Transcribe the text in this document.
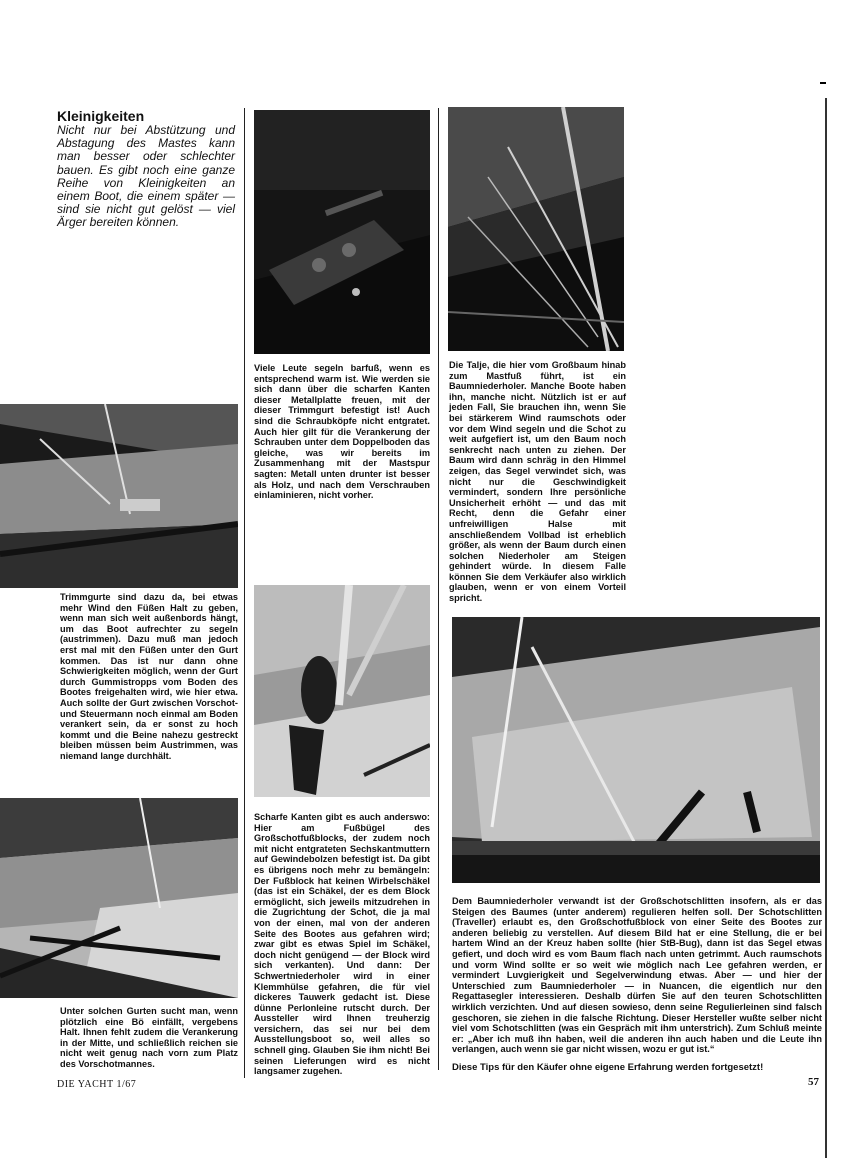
Kleinigkeiten

Nicht nur bei Abstützung und Abstagung des Mastes kann man besser oder schlechter bauen. Es gibt noch eine ganze Reihe von Kleinigkeiten an einem Boot, die einem später — sind sie nicht gut gelöst — viel Ärger bereiten können.

Viele Leute segeln barfuß, wenn es entsprechend warm ist. Wie werden sie sich dann über die scharfen Kanten dieser Metallplatte freuen, mit der dieser Trimmgurt befestigt ist! Auch sind die Schraubköpfe nicht entgratet. Auch hier gilt für die Verankerung der Schrauben unter dem Doppelboden das gleiche, was wir bereits im Zusammenhang mit der Mastspur sagten: Metall unten drunter ist besser als Holz, und nach dem Verschrauben einlaminieren, nicht vorher.

Die Talje, die hier vom Großbaum hinab zum Mastfuß führt, ist ein Baumniederholer. Manche Boote haben ihn, manche nicht. Nützlich ist er auf jeden Fall, Sie brauchen ihn, wenn Sie bei stärkerem Wind raumschots oder vor dem Wind segeln und die Schot zu weit aufgefiert ist, um den Baum noch senkrecht nach unten zu ziehen. Der Baum wird dann schräg in den Himmel zeigen, das Segel verwindet sich, was nicht nur die Geschwindigkeit vermindert, sondern Ihre persönliche Unsicherheit erhöht — und das mit Recht, denn die Gefahr einer unfreiwilligen Halse mit anschließendem Vollbad ist erheblich größer, als wenn der Baum durch einen solchen Niederholer am Steigen gehindert würde. In diesem Falle können Sie dem Verkäufer also wirklich glauben, wenn er von einem Vorteil spricht.

Trimmgurte sind dazu da, bei etwas mehr Wind den Füßen Halt zu geben, wenn man sich weit außenbords hängt, um das Boot aufrechter zu segeln (austrimmen). Dazu muß man jedoch erst mal mit den Füßen unter den Gurt kommen. Das ist nur dann ohne Schwierigkeiten möglich, wenn der Gurt durch Gummistropps vom Boden des Bootes freigehalten wird, wie hier etwa. Auch sollte der Gurt zwischen Vorschot- und Steuermann noch einmal am Boden verankert sein, da er sonst zu hoch kommt und die Beine nahezu gestreckt bleiben müssen beim Austrimmen, was niemand lange durchhält.

Scharfe Kanten gibt es auch anderswo: Hier am Fußbügel des Großschotfußblocks, der zudem noch mit nicht entgrateten Sechskantmuttern auf Gewindebolzen befestigt ist. Da gibt es übrigens noch mehr zu bemängeln: Der Fußblock hat keinen Wirbelschäkel (das ist ein Schäkel, der es dem Block ermöglicht, sich jeweils mitzudrehen in die Zugrichtung der Schot, die ja mal von der einen, mal von der anderen Seite des Bootes aus gefahren wird; zwar gibt es etwas Spiel im Schäkel, doch nicht genügend — der Block wird sich verkanten). Und dann: Der Schwertniederholer wird in einer Klemmhülse gefahren, die für viel dickeres Tauwerk gedacht ist. Diese dünne Perlonleine rutscht durch. Der Aussteller wird Ihnen treuherzig versichern, das sei nur bei dem Ausstellungsboot so, weil alles so schnell ging. Glauben Sie ihm nicht! Bei seinen Lieferungen wird es nicht langsamer zugehen.

Dem Baumniederholer verwandt ist der Großschotschlitten insofern, als er das Steigen des Baumes (unter anderem) regulieren helfen soll. Der Schotschlitten (Traveller) erlaubt es, den Großschotfußblock von einer Seite des Bootes zur anderen beliebig zu verstellen. Auf diesem Bild hat er eine Stellung, die er bei hartem Wind an der Kreuz haben sollte (hier StB-Bug), dann ist das Segel etwas gefiert, und doch wird es vom Baum flach nach unten getrimmt. Auch raumschots und vorm Wind sollte er so weit wie möglich nach Lee gefahren werden, er vermindert Luvgierigkeit und Segelverwindung etwas. Aber — und hier der Unterschied zum Baumniederholer — in Nuancen, die eigentlich nur den Regattasegler interessieren. Deshalb dürfen Sie auf den teuren Schotschlitten wirklich verzichten. Und auf diesen sowieso, denn seine Regulierleinen sind falsch geschoren, sie ziehen in die falsche Richtung. Dieser Hersteller wußte selber nicht viel vom Schotschlitten (was ein Gespräch mit ihm unterstrich). Zum Schluß meinte er: „Aber ich muß ihn haben, weil die anderen ihn auch haben und die Leute ihn verlangen, auch wenn sie gar nicht wissen, wozu er gut ist.“

Unter solchen Gurten sucht man, wenn plötzlich eine Bö einfällt, vergebens Halt. Ihnen fehlt zudem die Verankerung in der Mitte, und schließlich reichen sie nicht weit genug nach vorn zum Platz des Vorschotmannes.	Diese Tips für den Käufer ohne eigene Erfahrung werden fortgesetzt!
DIE YACHT 1/67	57
